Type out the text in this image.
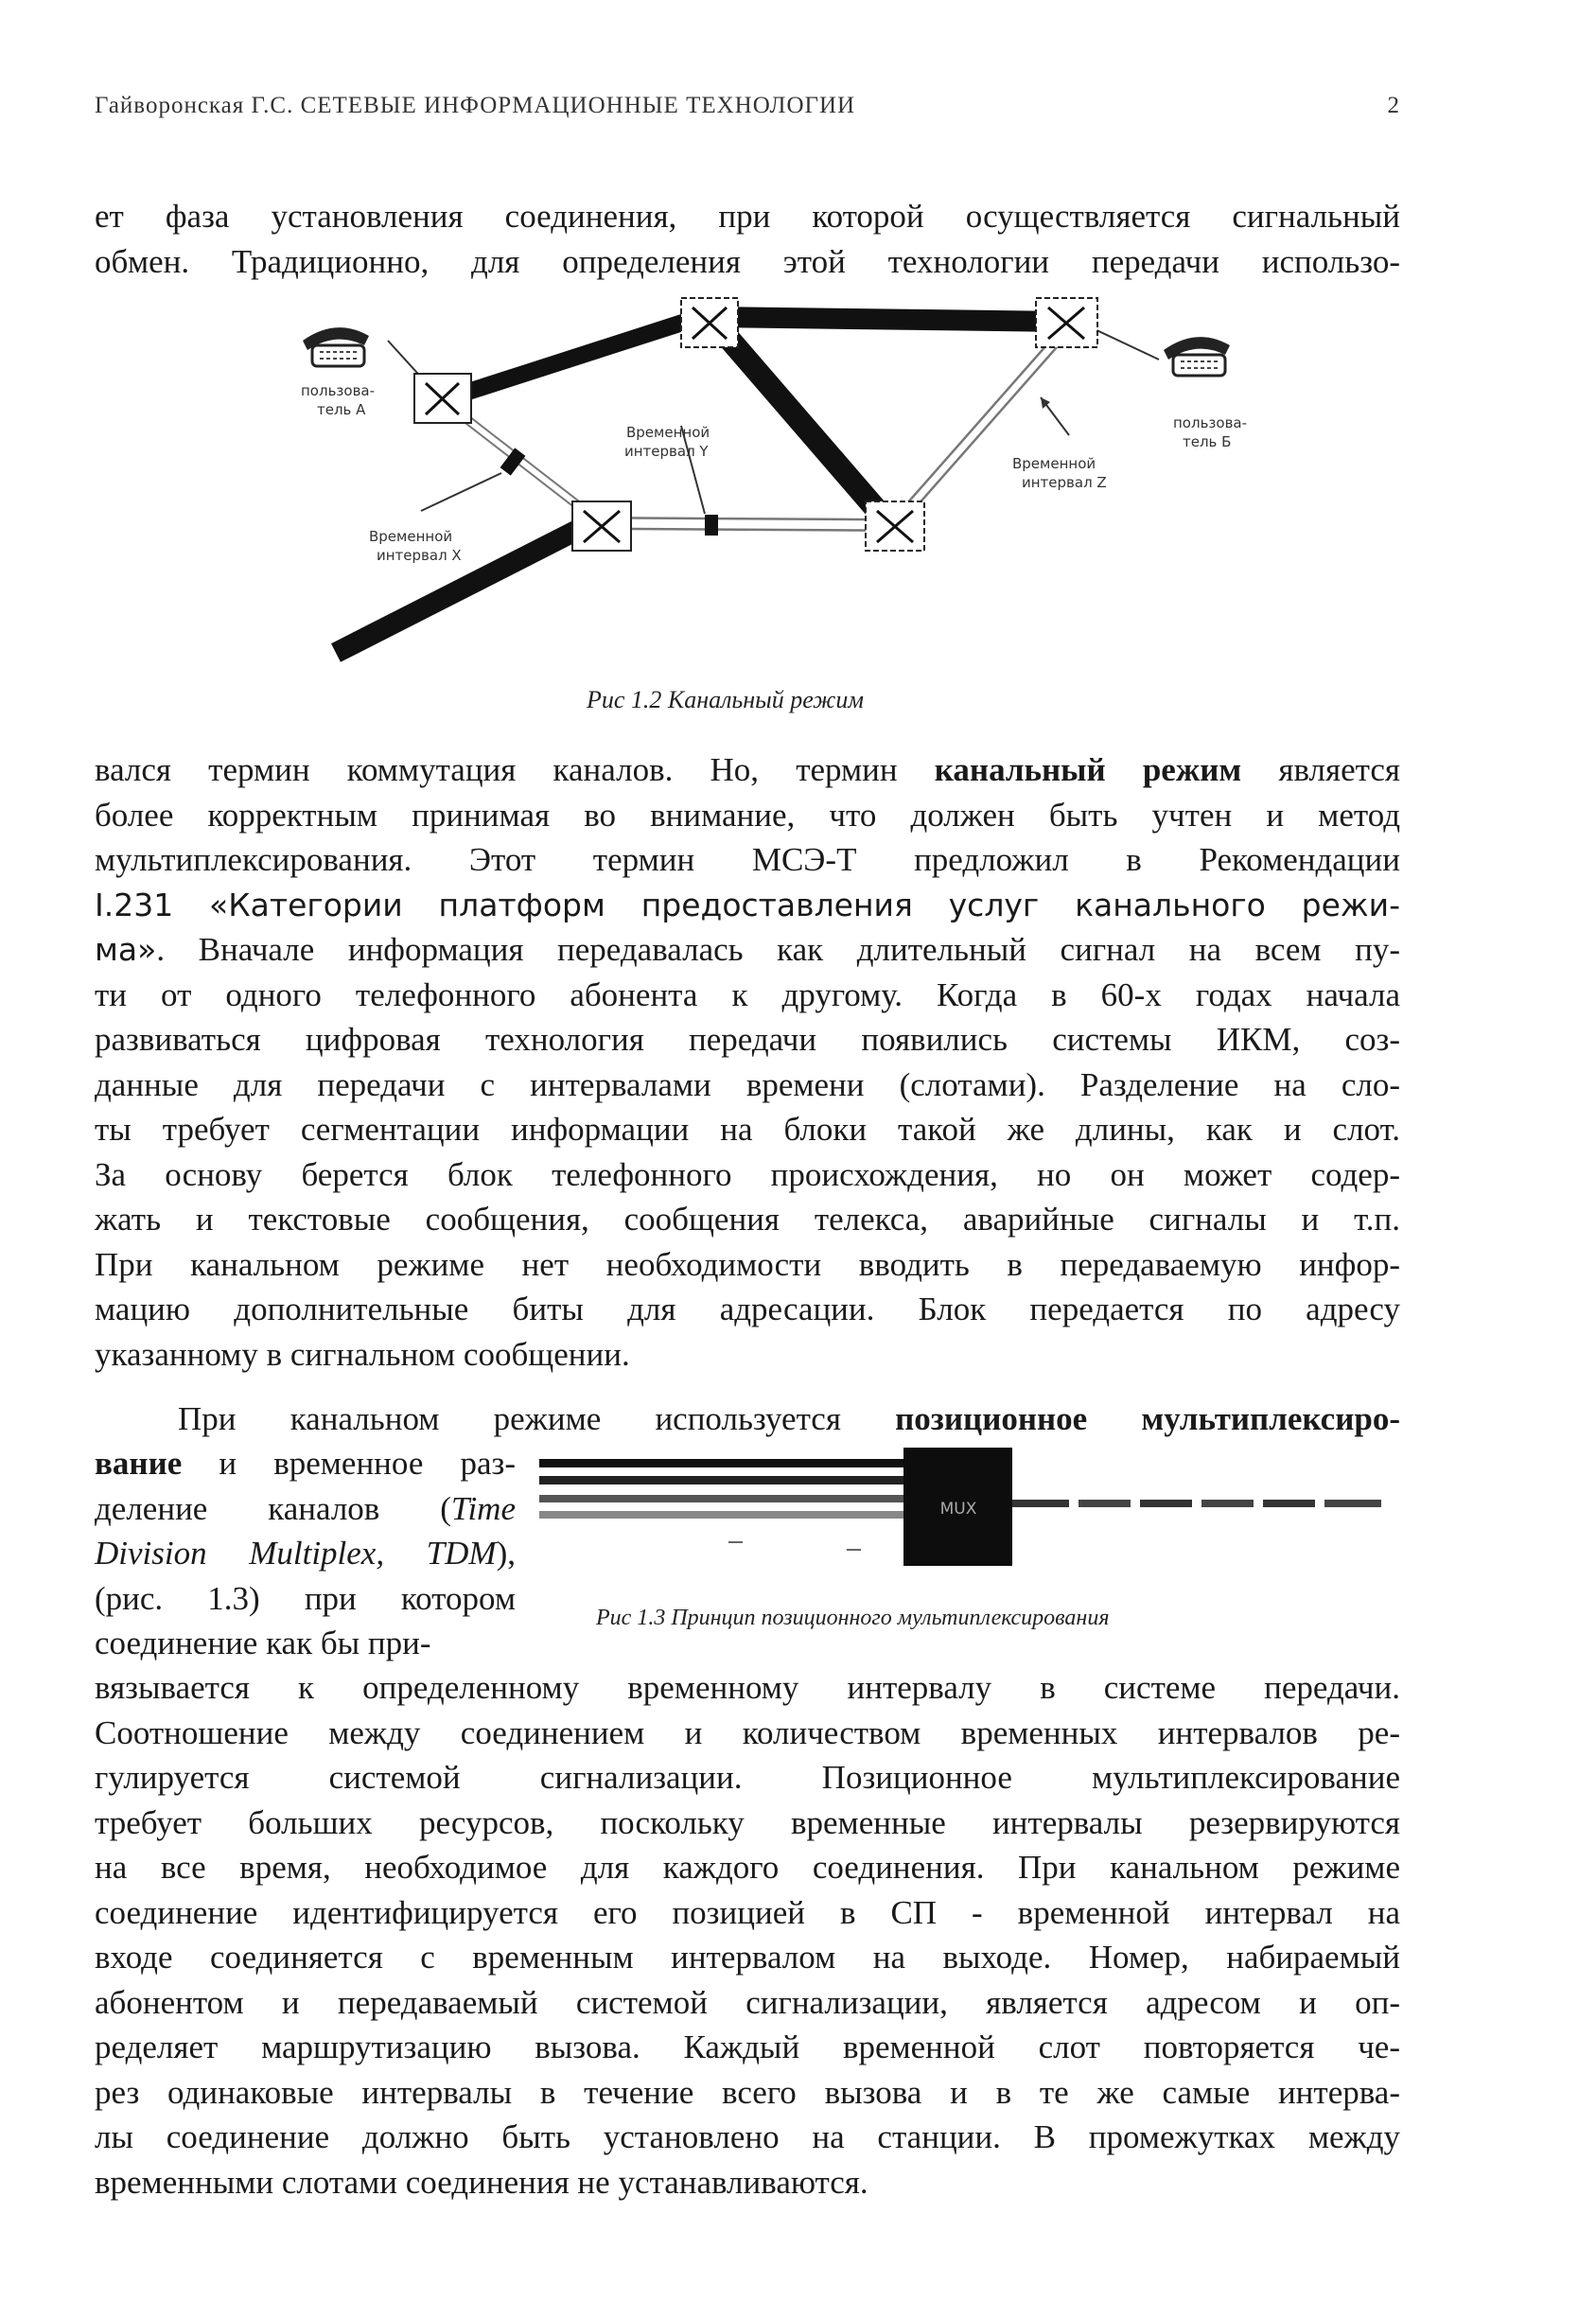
Гайворонская Г.С. СЕТЕВЫЕ ИНФОРМАЦИОННЫЕ ТЕХНОЛОГИИ	2
ет фаза установления соединения, при которой осуществляется сигнальный
обмен. Традиционно, для определения этой технологии передачи использо-
пользова-
тель А
пользова-
тель Б
Временной
интервал Y
Временной
интервал Z
Временной
интервал Х
Рис 1.2 Канальный режим
вался термин коммутация каналов. Но, термин канальный режим является
более корректным принимая во внимание, что должен быть учтен и метод
мультиплексирования. Этот термин МСЭ-Т предложил в Рекомендации
I.231 «Категории платформ предоставления услуг канального режи-
ма». Вначале информация передавалась как длительный сигнал на всем пу-
ти от одного телефонного абонента к другому. Когда в 60-х годах начала
развиваться цифровая технология передачи появились системы ИКМ, соз-
данные для передачи с интервалами времени (слотами). Разделение на сло-
ты требует сегментации информации на блоки такой же длины, как и слот.
За основу берется блок телефонного происхождения, но он может содер-
жать и текстовые сообщения, сообщения телекса, аварийные сигналы и т.п.
При канальном режиме нет необходимости вводить в передаваемую инфор-
мацию дополнительные биты для адресации. Блок передается по адресу
указанному в сигнальном сообщении.
При канальном режиме используется позиционное мультиплексиро-
вание и временное раз-
деление каналов (Time
Division Multiplex, TDM),
(рис. 1.3) при котором
соединение как бы при-
MUX
Рис 1.3 Принцип позиционного мультиплексирования
вязывается к определенному временному интервалу в системе передачи.
Соотношение между соединением и количеством временных интервалов ре-
гулируется системой сигнализации. Позиционное мультиплексирование
требует больших ресурсов, поскольку временные интервалы резервируются
на все время, необходимое для каждого соединения. При канальном режиме
соединение идентифицируется его позицией в СП - временной интервал на
входе соединяется с временным интервалом на выходе. Номер, набираемый
абонентом и передаваемый системой сигнализации, является адресом и оп-
ределяет маршрутизацию вызова. Каждый временной слот повторяется че-
рез одинаковые интервалы в течение всего вызова и в те же самые интерва-
лы соединение должно быть установлено на станции. В промежутках между
временными слотами соединения не устанавливаются.
